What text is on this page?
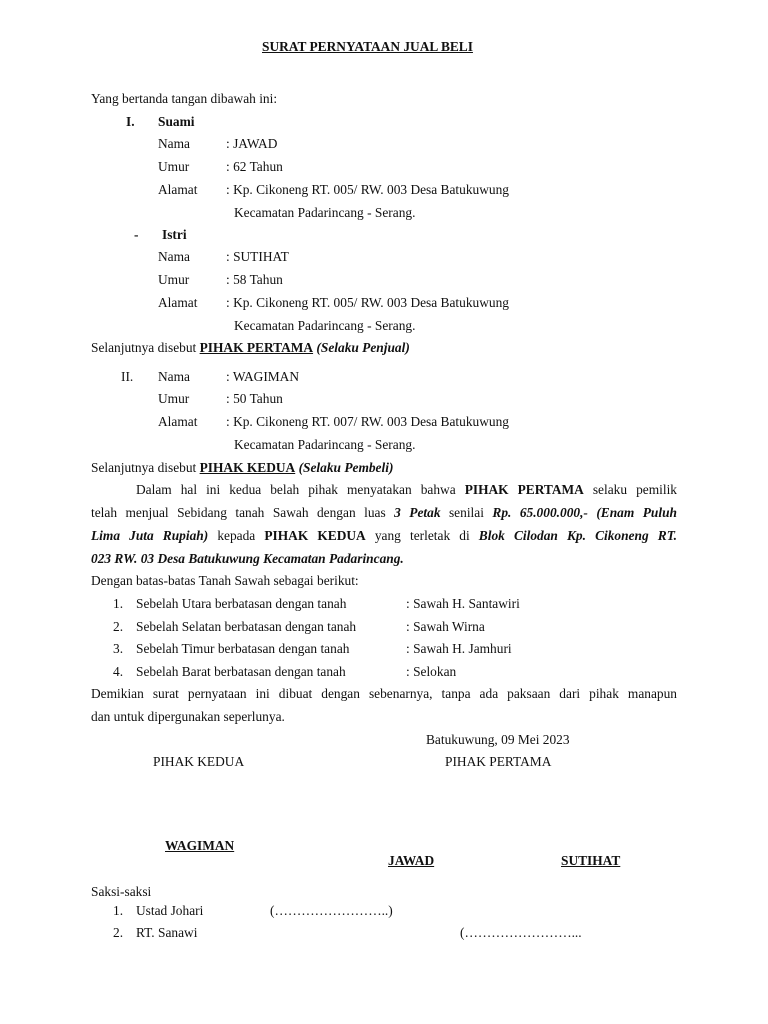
SURAT PERNYATAAN JUAL BELI
Yang bertanda tangan dibawah ini:
I. Suami
Nama	: JAWAD
Umur	: 62 Tahun
Alamat : Kp. Cikoneng RT. 005/ RW. 003 Desa Batukuwung
Kecamatan Padarincang - Serang.
- Istri
Nama	: SUTIHAT
Umur	: 58 Tahun
Alamat : Kp. Cikoneng RT. 005/ RW. 003 Desa Batukuwung
Kecamatan Padarincang - Serang.
Selanjutnya disebut PIHAK PERTAMA (Selaku Penjual)
II. Nama	: WAGIMAN
Umur	: 50 Tahun
Alamat : Kp. Cikoneng RT. 007/ RW. 003 Desa Batukuwung
Kecamatan Padarincang - Serang.
Selanjutnya disebut PIHAK KEDUA (Selaku Pembeli)
Dalam hal ini kedua belah pihak menyatakan bahwa PIHAK PERTAMA selaku pemilik
telah menjual Sebidang tanah Sawah dengan luas 3 Petak senilai Rp. 65.000.000,- (Enam Puluh
Lima Juta Rupiah) kepada PIHAK KEDUA yang terletak di Blok Cilodan Kp. Cikoneng RT.
023 RW. 03 Desa Batukuwung Kecamatan Padarincang.
Dengan batas-batas Tanah Sawah sebagai berikut:
1. Sebelah Utara berbatasan dengan tanah	: Sawah H. Santawiri
2. Sebelah Selatan berbatasan dengan tanah	: Sawah Wirna
3. Sebelah Timur berbatasan dengan tanah	: Sawah H. Jamhuri
4. Sebelah Barat berbatasan dengan tanah	: Selokan
Demikian surat pernyataan ini dibuat dengan sebenarnya, tanpa ada paksaan dari pihak manapun
dan untuk dipergunakan seperlunya.
Batukuwung, 09 Mei 2023
PIHAK KEDUA	PIHAK PERTAMA
WAGIMAN
JAWAD	SUTIHAT
Saksi-saksi
1. Ustad Johari	(……………………..)
2. RT. Sanawi	(……………………...
